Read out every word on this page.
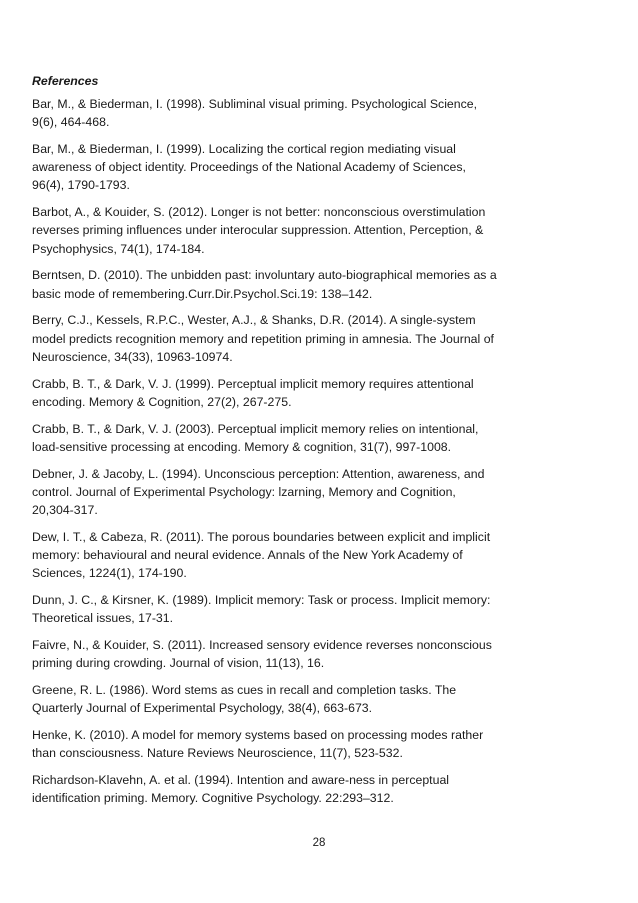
References
Bar, M., & Biederman, I. (1998). Subliminal visual priming. Psychological Science,
9(6), 464-468.
Bar, M., & Biederman, I. (1999). Localizing the cortical region mediating visual
awareness of object identity. Proceedings of the National Academy of Sciences,
96(4), 1790-1793.
Barbot, A., & Kouider, S. (2012). Longer is not better: nonconscious overstimulation
reverses priming influences under interocular suppression. Attention, Perception, &
Psychophysics, 74(1), 174-184.
Berntsen, D. (2010). The unbidden past: involuntary auto-biographical memories as a
basic mode of remembering.Curr.Dir.Psychol.Sci.19: 138–142.
Berry, C.J., Kessels, R.P.C., Wester, A.J., & Shanks, D.R. (2014). A single-system
model predicts recognition memory and repetition priming in amnesia. The Journal of
Neuroscience, 34(33), 10963-10974.
Crabb, B. T., & Dark, V. J. (1999). Perceptual implicit memory requires attentional
encoding. Memory & Cognition, 27(2), 267-275.
Crabb, B. T., & Dark, V. J. (2003). Perceptual implicit memory relies on intentional,
load-sensitive processing at encoding. Memory & cognition, 31(7), 997-1008.
Debner, J. & Jacoby, L. (1994). Unconscious perception: Attention, awareness, and
control. Journal of Experimental Psychology: lzarning, Memory and Cognition,
20,304-317.
Dew, I. T., & Cabeza, R. (2011). The porous boundaries between explicit and implicit
memory: behavioural and neural evidence. Annals of the New York Academy of
Sciences, 1224(1), 174-190.
Dunn, J. C., & Kirsner, K. (1989). Implicit memory: Task or process. Implicit memory:
Theoretical issues, 17-31.
Faivre, N., & Kouider, S. (2011). Increased sensory evidence reverses nonconscious
priming during crowding. Journal of vision, 11(13), 16.
Greene, R. L. (1986). Word stems as cues in recall and completion tasks. The
Quarterly Journal of Experimental Psychology, 38(4), 663-673.
Henke, K. (2010). A model for memory systems based on processing modes rather
than consciousness. Nature Reviews Neuroscience, 11(7), 523-532.
Richardson-Klavehn, A. et al. (1994). Intention and aware-ness in perceptual
identification priming. Memory. Cognitive Psychology. 22:293–312.
28
